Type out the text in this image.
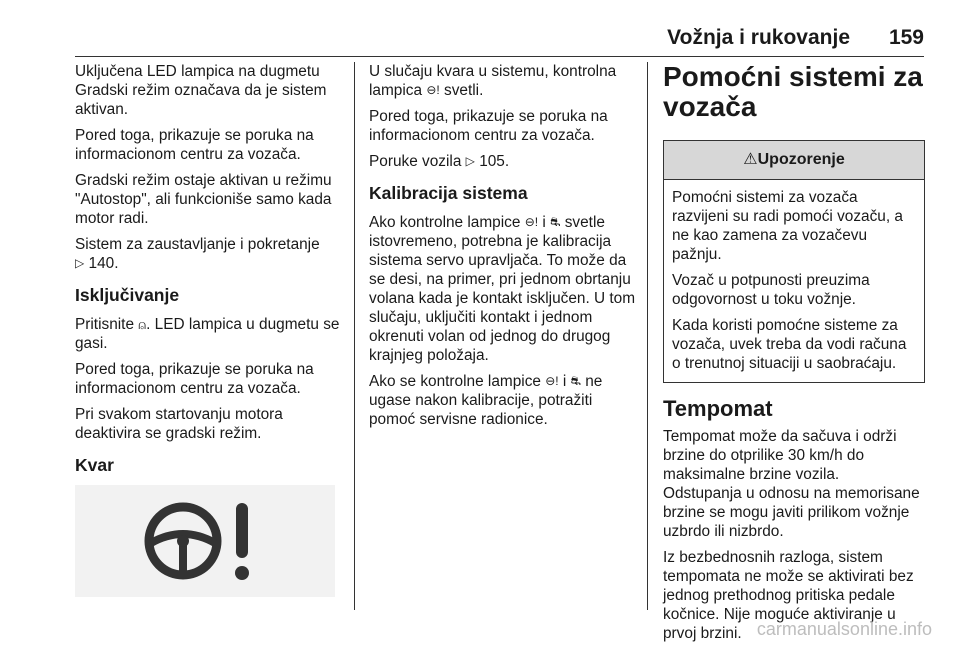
Vožnja i rukovanje 159

Uključena LED lampica na dugmetu Gradski režim označava da je sistem aktivan.

Pored toga, prikazuje se poruka na informacionom centru za vozača.

Gradski režim ostaje aktivan u režimu "Autostop", ali funkcioniše samo kada motor radi.

Sistem za zaustavljanje i pokretanje
▷ 140.

Isključivanje

Pritisnite ⍝. LED lampica u dugmetu se gasi.

Pored toga, prikazuje se poruka na informacionom centru za vozača.

Pri svakom startovanju motora deaktivira se gradski režim.

Kvar

U slučaju kvara u sistemu, kontrolna lampica ⊖! svetli.

Pored toga, prikazuje se poruka na informacionom centru za vozača.

Poruke vozila ▷ 105.

Kalibracija sistema

Ako kontrolne lampice ⊖! i ⛐ svetle istovremeno, potrebna je kalibracija sistema servo upravljača. To može da se desi, na primer, pri jednom obrtanju volana kada je kontakt isključen. U tom slučaju, uključiti kontakt i jednom okrenuti volan od jednog do drugog krajnjeg položaja.

Ako se kontrolne lampice ⊖! i ⛐ ne ugase nakon kalibracije, potražiti pomoć servisne radionice.

Pomoćni sistemi za vozača
⚠Upozorenje

Pomoćni sistemi za vozača razvijeni su radi pomoći vozaču, a ne kao zamena za vozačevu pažnju.

Vozač u potpunosti preuzima odgovornost u toku vožnje.

Kada koristi pomoćne sisteme za vozača, uvek treba da vodi računa o trenutnoj situaciji u saobraćaju.

Tempomat

Tempomat može da sačuva i održi brzine do otprilike 30 km/h do maksimalne brzine vozila.

Odstupanja u odnosu na memorisane brzine se mogu javiti prilikom vožnje uzbrdo ili nizbrdo.

Iz bezbednosnih razloga, sistem tempomata ne može se aktivirati bez jednog prethodnog pritiska pedale kočnice. Nije moguće aktiviranje u prvoj brzini. carmanualsonline.info
